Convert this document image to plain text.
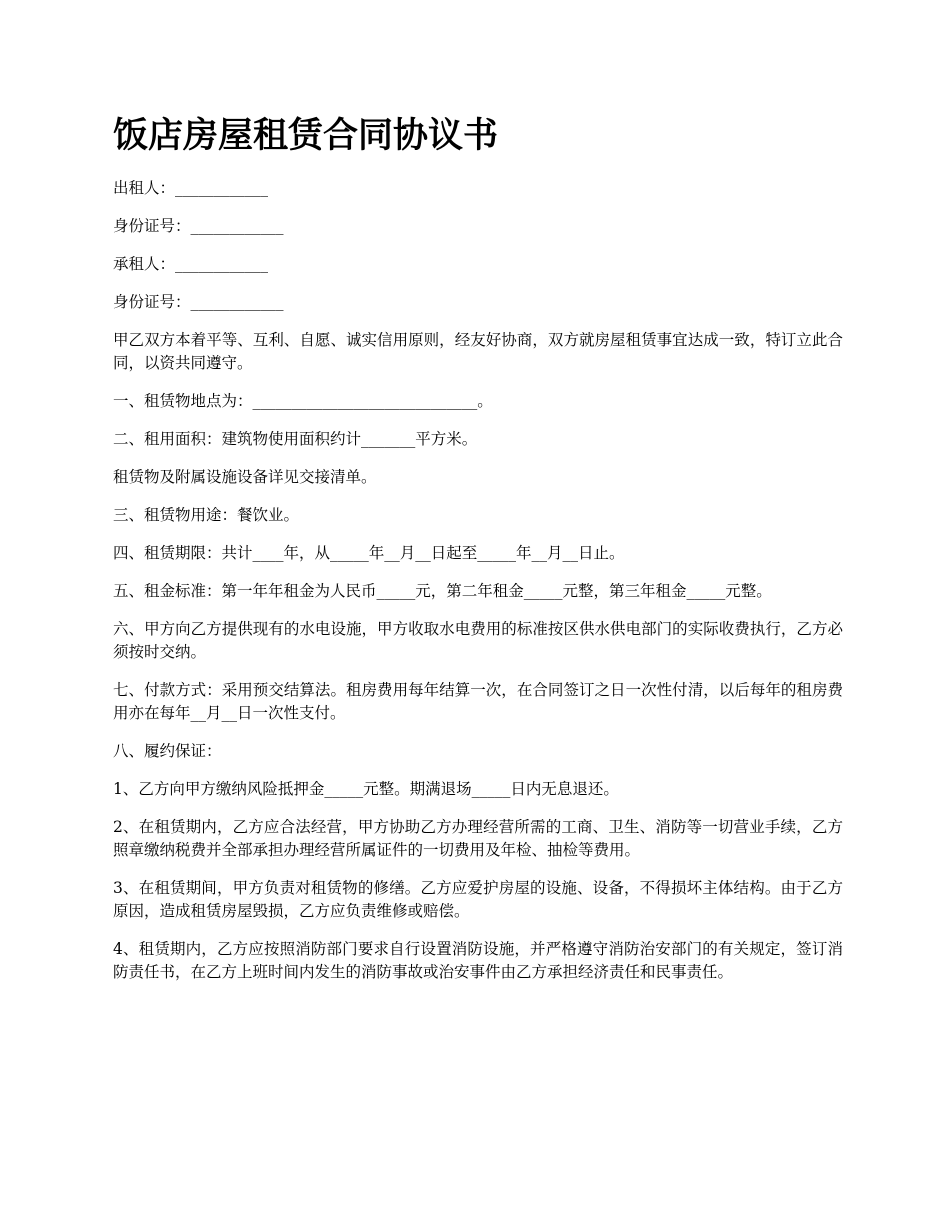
饭店房屋租赁合同协议书

出租人：____________

身份证号：____________

承租人：____________

身份证号：____________

甲乙双方本着平等、互利、自愿、诚实信用原则，经友好协商，双方就房屋租赁事宜达成一致，特订立此合同，以资共同遵守。

一、租赁物地点为：_____________________________。

二、租用面积：建筑物使用面积约计_______平方米。

租赁物及附属设施设备详见交接清单。

三、租赁物用途：餐饮业。

四、租赁期限：共计____年，从_____年__月__日起至_____年__月__日止。

五、租金标准：第一年年租金为人民币_____元，第二年租金_____元整，第三年租金_____元整。

六、甲方向乙方提供现有的水电设施，甲方收取水电费用的标准按区供水供电部门的实际收费执行，乙方必须按时交纳。

七、付款方式：采用预交结算法。租房费用每年结算一次，在合同签订之日一次性付清，以后每年的租房费用亦在每年__月__日一次性支付。

八、履约保证：

1、乙方向甲方缴纳风险抵押金_____元整。期满退场_____日内无息退还。

2、在租赁期内，乙方应合法经营，甲方协助乙方办理经营所需的工商、卫生、消防等一切营业手续，乙方照章缴纳税费并全部承担办理经营所属证件的一切费用及年检、抽检等费用。

3、在租赁期间，甲方负责对租赁物的修缮。乙方应爱护房屋的设施、设备，不得损坏主体结构。由于乙方原因，造成租赁房屋毁损，乙方应负责维修或赔偿。

4、租赁期内，乙方应按照消防部门要求自行设置消防设施，并严格遵守消防治安部门的有关规定，签订消防责任书，在乙方上班时间内发生的消防事故或治安事件由乙方承担经济责任和民事责任。
